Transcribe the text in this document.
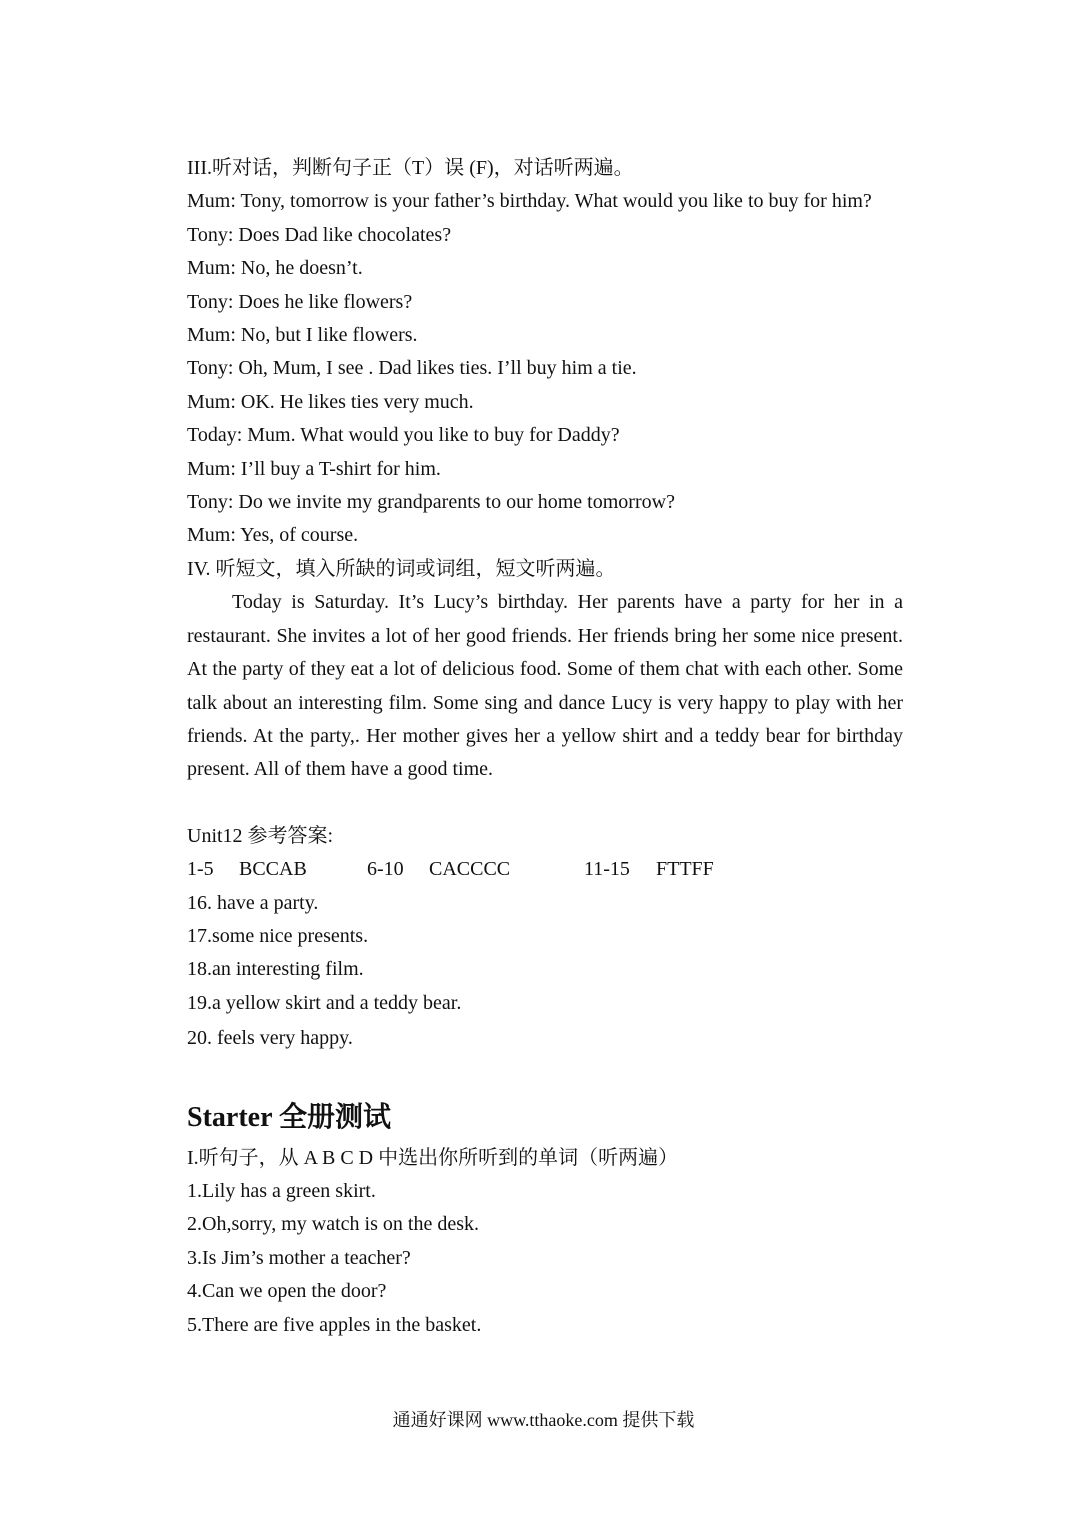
III.听对话，判断句子正（T）误 (F)，对话听两遍。
Mum: Tony, tomorrow is your father’s birthday. What would you like to buy for him?
Tony: Does Dad like chocolates?
Mum: No, he doesn’t.
Tony: Does he like flowers?
Mum: No, but I like flowers.
Tony: Oh, Mum, I see . Dad likes ties. I’ll buy him a tie.
Mum: OK. He likes ties very much.
Today: Mum. What would you like to buy for Daddy?
Mum: I’ll buy a T-shirt for him.
Tony: Do we invite my grandparents to our home tomorrow?
Mum: Yes, of course.
IV. 听短文，填入所缺的词或词组，短文听两遍。
Today is Saturday. It’s Lucy’s birthday. Her parents have a party for her in a restaurant. She invites a lot of her good friends. Her friends bring her some nice present. At the party of they eat a lot of delicious food. Some of them chat with each other. Some talk about an interesting film. Some sing and dance Lucy is very happy to play with her friends. At the party,. Her mother gives her a yellow shirt and a teddy bear for birthday present. All of them have a good time.
Unit12 参考答案:
1-5 BCCAB	6-10 CACCCC	11-15 FTTFF
16. have a party.
17.some nice presents.
18.an interesting film.
19.a yellow skirt and a teddy bear.
20. feels very happy.
Starter 全册测试
I.听句子，从 A B C D 中选出你所听到的单词（听两遍）
1.Lily has a green skirt.
2.Oh,sorry, my watch is on the desk.
3.Is Jim’s mother a teacher?
4.Can we open the door?
5.There are five apples in the basket.
通通好课网 www.tthaoke.com 提供下载
